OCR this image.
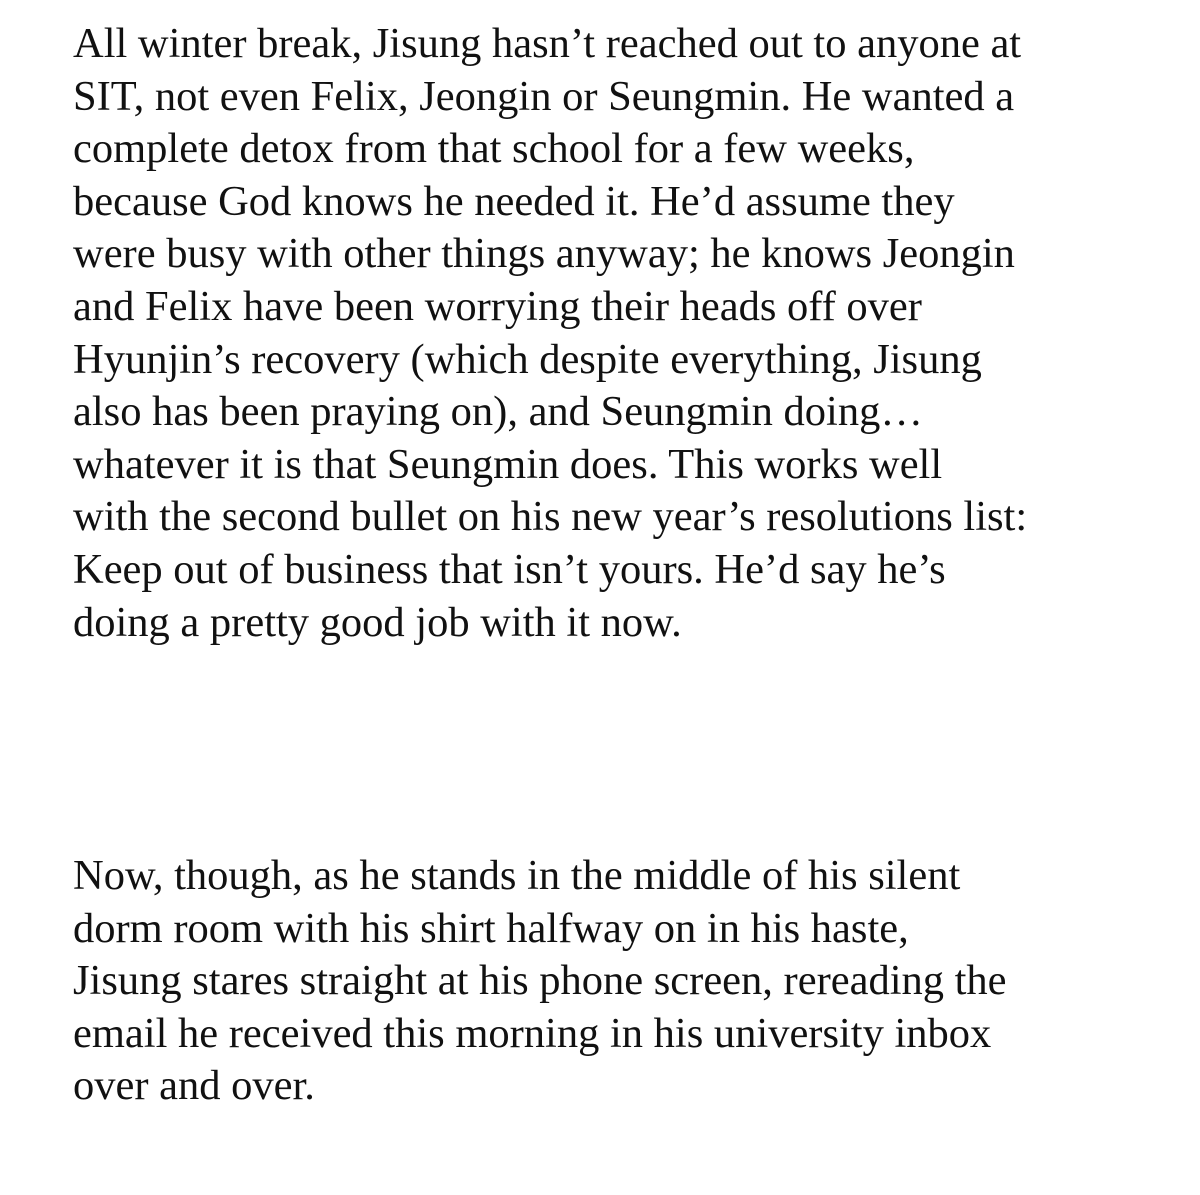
All winter break, Jisung hasn’t reached out to anyone at
SIT, not even Felix, Jeongin or Seungmin. He wanted a
complete detox from that school for a few weeks,
because God knows he needed it. He’d assume they
were busy with other things anyway; he knows Jeongin
and Felix have been worrying their heads off over
Hyunjin’s recovery (which despite everything, Jisung
also has been praying on), and Seungmin doing…
whatever it is that Seungmin does. This works well
with the second bullet on his new year’s resolutions list:
Keep out of business that isn’t yours. He’d say he’s
doing a pretty good job with it now.

Now, though, as he stands in the middle of his silent
dorm room with his shirt halfway on in his haste,
Jisung stares straight at his phone screen, rereading the
email he received this morning in his university inbox
over and over.
